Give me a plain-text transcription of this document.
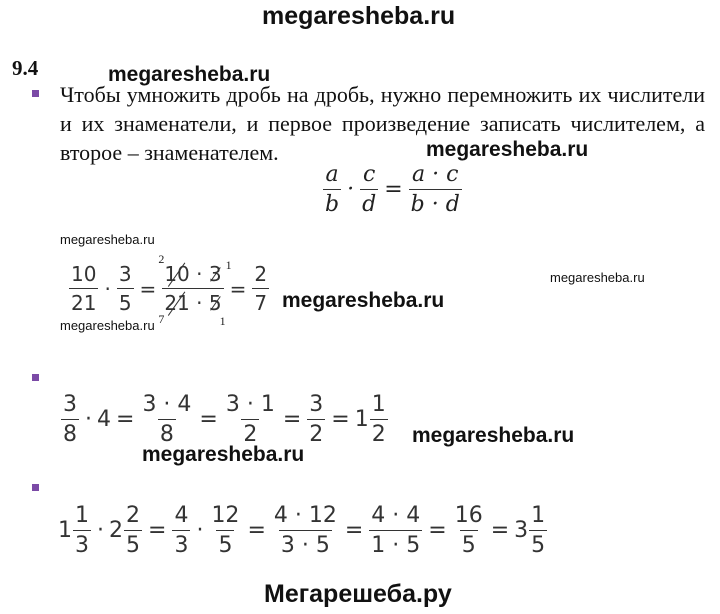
megaresheba.ru
9.4	megaresheba.ru
Чтобы умножить дробь на дробь, нужно перемножить их числители и их знаменатели, и первое произведение записать числителем, а второе – знаменателем.	megaresheba.ru
$\frac{a}{b} \cdot \frac{c}{d} = \frac{a \cdot c}{b \cdot d}$
megaresheba.ru
megaresheba.ru
megaresheba.ru
$\frac{10}{21} \cdot \frac{3}{5}$ =
10 · 3
21 · 5
2	1
7	1
= $\frac{2}{7}$ megaresheba.ru
$\frac{3}{8} \cdot 4 = \frac{3 \cdot 4}{8} = \frac{3 \cdot 1}{2} = \frac{3}{2} = 1 \frac{1}{2}$ megaresheba.ru
megaresheba.ru
$1 \frac{1}{3} \cdot 2 \frac{2}{5} = \frac{4}{3} \cdot \frac{12}{5} = \frac{4 \cdot 12}{3 \cdot 5} = \frac{4 \cdot 4}{1 \cdot 5} = \frac{16}{5} = 3 \frac{1}{5}$
Мегарешеба.ру
